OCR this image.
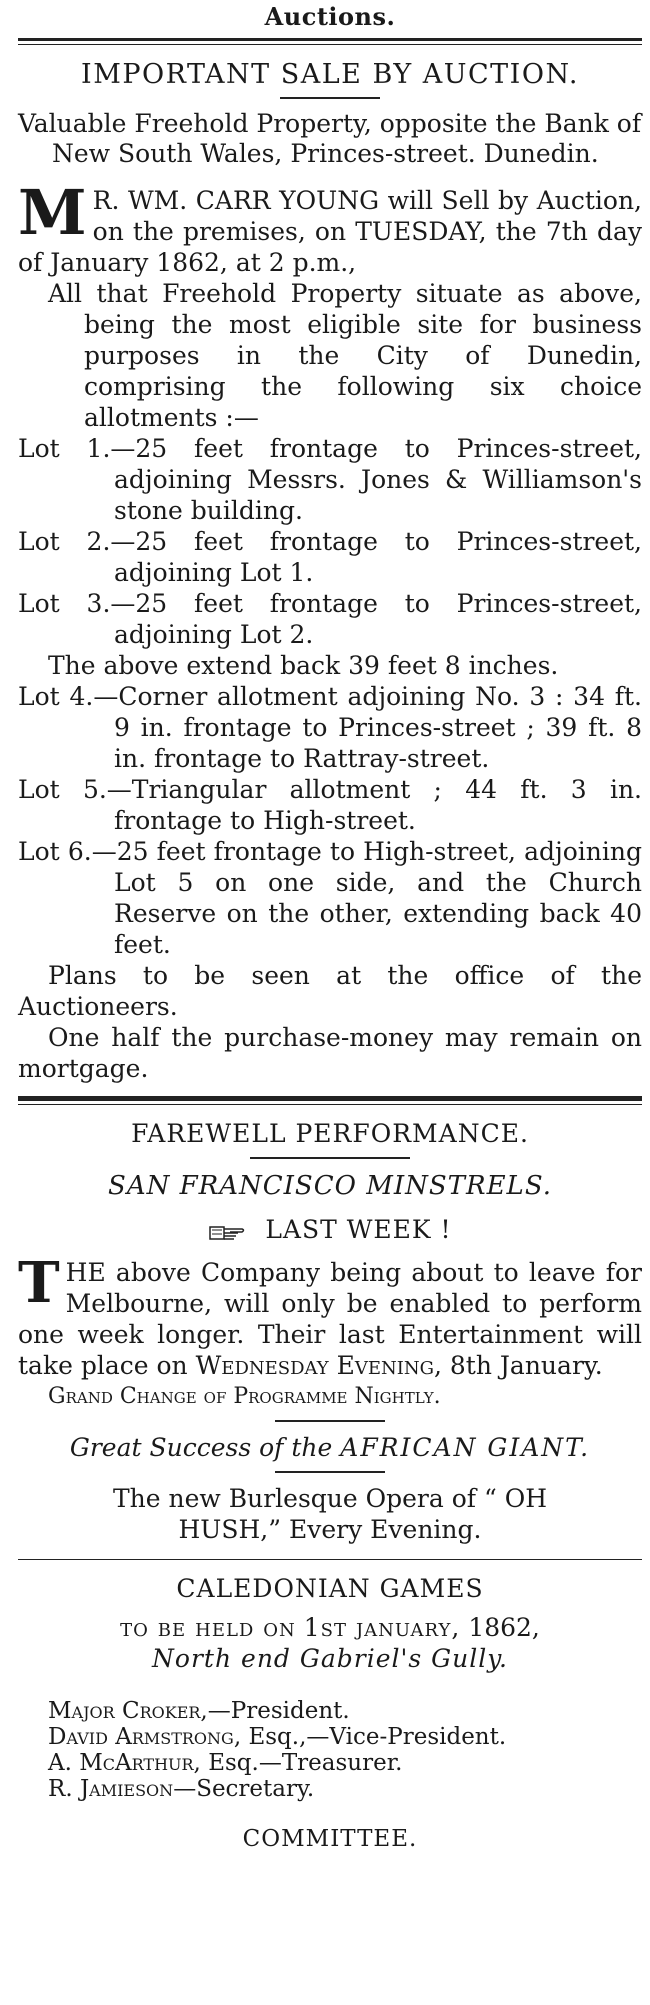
Auctions.
IMPORTANT SALE BY AUCTION.

Valuable Freehold Property, opposite the Bank of New South Wales, Princes-street. Dunedin.

M R. WM. CARR YOUNG will Sell by Auction, on the premises, on TUESDAY, the 7th day of January 1862, at 2 p.m.,

All that Freehold Property situate as above, being the most eligible site for business purposes in the City of Dunedin, comprising the following six choice allotments :—

Lot 1.—25 feet frontage to Princes-street, adjoining Messrs. Jones & Williamson's stone building.

Lot 2.—25 feet frontage to Princes-street, adjoining Lot 1.

Lot 3.—25 feet frontage to Princes-street, adjoining Lot 2.

The above extend back 39 feet 8 inches.

Lot 4.—Corner allotment adjoining No. 3 : 34 ft. 9 in. frontage to Princes-street ; 39 ft. 8 in. frontage to Rattray-street.

Lot 5.—Triangular allotment ; 44 ft. 3 in. frontage to High-street.

Lot 6.—25 feet frontage to High-street, adjoining Lot 5 on one side, and the Church Reserve on the other, extending back 40 feet.

Plans to be seen at the office of the Auctioneers.

One half the purchase-money may remain on mortgage.

FAREWELL PERFORMANCE.
SAN FRANCISCO MINSTRELS.
LAST WEEK !
T HE above Company being about to leave for Melbourne, will only be enabled to perform one week longer. Their last Entertainment will take place on Wednesday Evening, 8th January.

Grand Change of Programme Nightly.

Great Success of the AFRICAN GIANT.

The new Burlesque Opera of “ OH HUSH,” Every Evening.

CALEDONIAN GAMES

to be held on 1st january, 1862,

North end Gabriel's Gully.

Major Croker,—President.

David Armstrong, Esq.,—Vice-President.

A. McArthur, Esq.—Treasurer.

R. Jamieson—Secretary.

COMMITTEE.
